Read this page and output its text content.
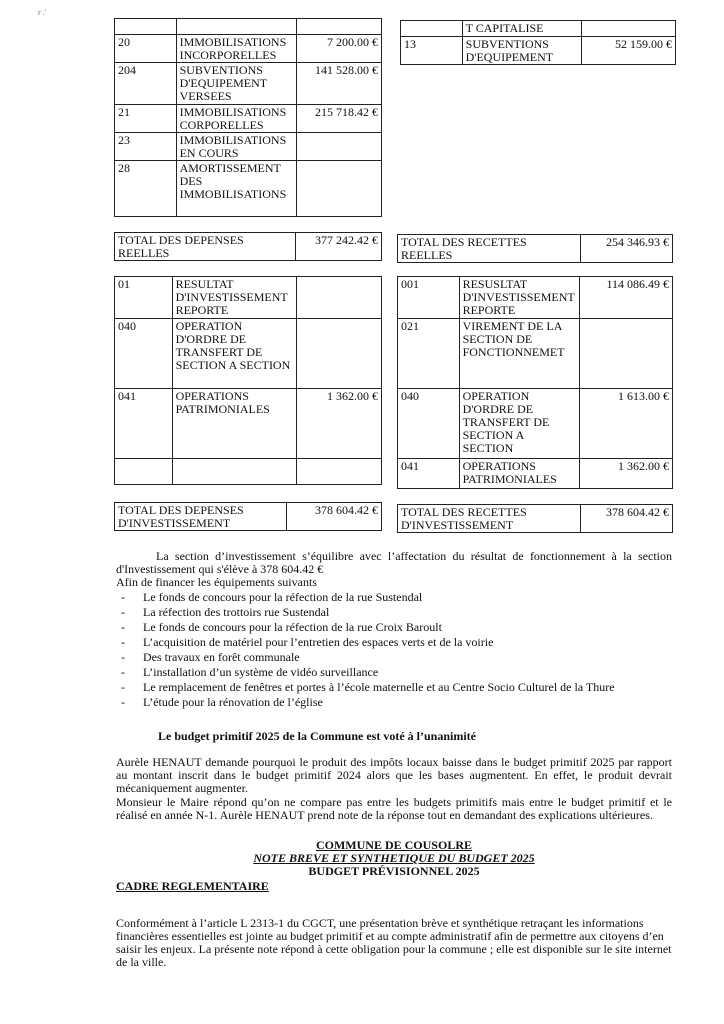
r .'

20	IMMOBILISATIONS INCORPORELLES	7 200.00 €
204	SUBVENTIONS D'EQUIPEMENT VERSEES	141 528.00 €
21	IMMOBILISATIONS CORPORELLES	215 718.42 €
23	IMMOBILISATIONS EN COURS	
28	AMORTISSEMENT DES IMMOBILISATIONS	
	T CAPITALISE	
13	SUBVENTIONS D'EQUIPEMENT	52 159.00 €
TOTAL DES DEPENSES REELLES	377 242.42 € TOTAL DES RECETTES REELLES	254 346.93 €
01	RESULTAT D'INVESTISSEMENT REPORTE	
040	OPERATION D'ORDRE DE TRANSFERT DE SECTION A SECTION	
041	OPERATIONS PATRIMONIALES	1 362.00 €

001	RESUSLTAT D'INVESTISSEMENT REPORTE	114 086.49 €
021	VIREMENT DE LA SECTION DE FONCTIONNEMET	
040	OPERATION D'ORDRE DE TRANSFERT DE SECTION A SECTION	1 613.00 €
041	OPERATIONS PATRIMONIALES	1 362.00 €
TOTAL DES DEPENSES D'INVESTISSEMENT	378 604.42 € TOTAL DES RECETTES D'INVESTISSEMENT	378 604.42 €
La section d’investissement s’équilibre avec l’affectation du résultat de fonctionnement à la section d'Investissement qui s'élève à 378 604.42 €
Afin de financer les équipements suivants
- Le fonds de concours pour la réfection de la rue Sustendal
- La réfection des trottoirs rue Sustendal
- Le fonds de concours pour la réfection de la rue Croix Baroult
- L’acquisition de matériel pour l’entretien des espaces verts et de la voirie
- Des travaux en forêt communale
- L’installation d’un système de vidéo surveillance
- Le remplacement de fenêtres et portes à l’école maternelle et au Centre Socio Culturel de la Thure
- L’étude pour la rénovation de l’église
Le budget primitif 2025 de la Commune est voté à l’unanimité
Aurèle HENAUT demande pourquoi le produit des impôts locaux baisse dans le budget primitif 2025 par rapport au montant inscrit dans le budget primitif 2024 alors que les bases augmentent. En effet, le produit devrait mécaniquement augmenter.
Monsieur le Maire répond qu’on ne compare pas entre les budgets primitifs mais entre le budget primitif et le réalisé en année N-1. Aurèle HENAUT prend note de la réponse tout en demandant des explications ultérieures.
COMMUNE DE COUSOLRE
NOTE BREVE ET SYNTHETIQUE DU BUDGET 2025
BUDGET PRÉVISIONNEL 2025
CADRE REGLEMENTAIRE
Conformément à l’article L 2313-1 du CGCT, une présentation brève et synthétique retraçant les informations financières essentielles est jointe au budget primitif et au compte administratif afin de permettre aux citoyens d’en saisir les enjeux. La présente note répond à cette obligation pour la commune ; elle est disponible sur le site internet de la ville.
